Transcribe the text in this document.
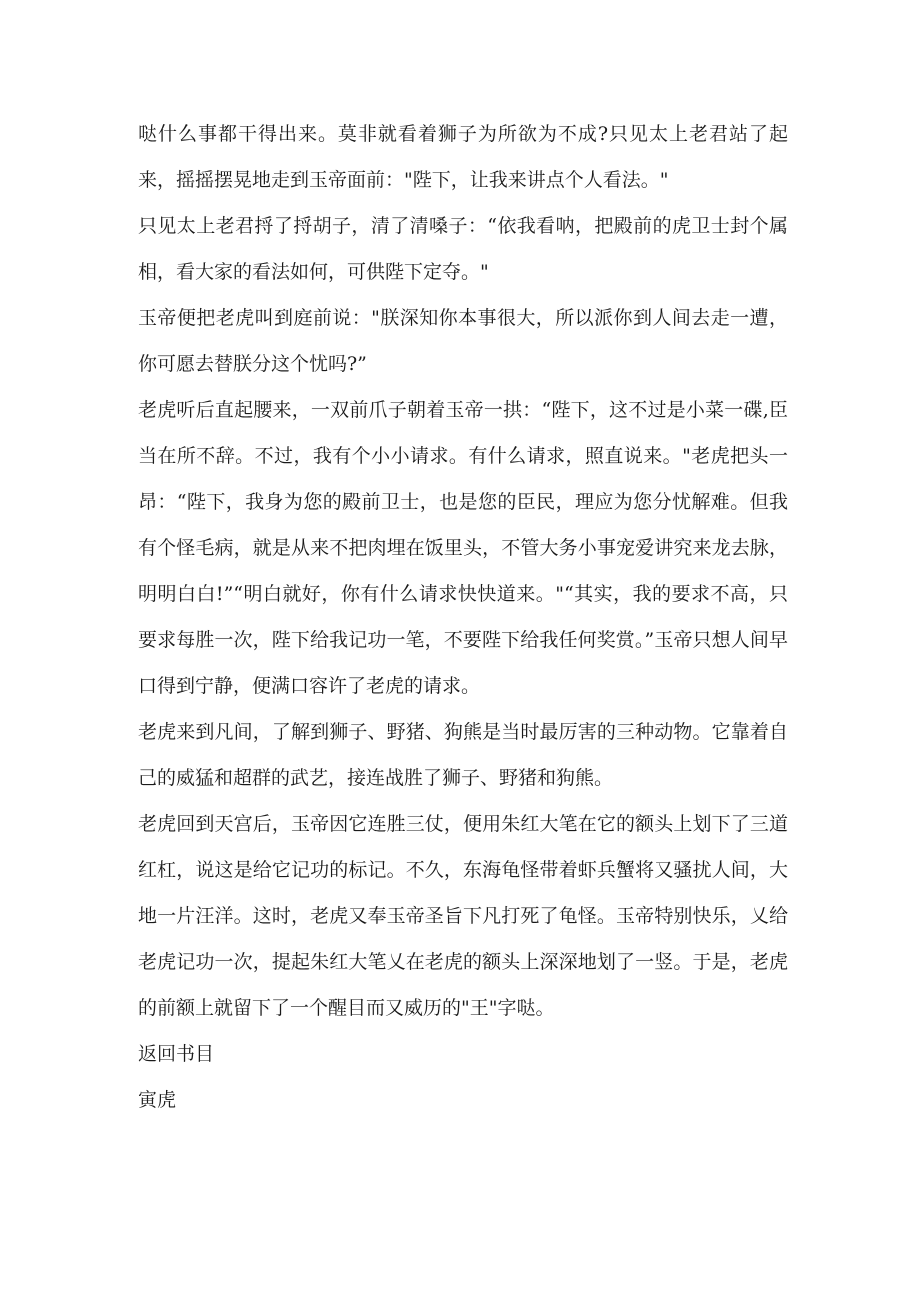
哒什么事都干得出来。莫非就看着狮子为所欲为不成?只见太上老君站了起来，摇摇摆晃地走到玉帝面前："陛下，让我来讲点个人看法。"

只见太上老君捋了捋胡子，清了清嗓子：“依我看呐，把殿前的虎卫士封个属相，看大家的看法如何，可供陛下定夺。"

玉帝便把老虎叫到庭前说："朕深知你本事很大，所以派你到人间去走一遭，你可愿去替朕分这个忧吗?”

老虎听后直起腰来，一双前爪子朝着玉帝一拱：“陛下，这不过是小菜一碟,臣当在所不辞。不过，我有个小小请求。有什么请求，照直说来。"老虎把头一昂：“陛下，我身为您的殿前卫士，也是您的臣民，理应为您分忧解难。但我有个怪毛病，就是从来不把肉埋在饭里头，不管大务小事宠爱讲究来龙去脉，明明白白!”“明白就好，你有什么请求快快道来。"“其实，我的要求不高，只要求每胜一次，陛下给我记功一笔，不要陛下给我任何奖赏。”玉帝只想人间早口得到宁静，便满口容许了老虎的请求。

老虎来到凡间，了解到狮子、野猪、狗熊是当时最厉害的三种动物。它靠着自己的威猛和超群的武艺，接连战胜了狮子、野猪和狗熊。

老虎回到天宫后，玉帝因它连胜三仗，便用朱红大笔在它的额头上划下了三道红杠，说这是给它记功的标记。不久，东海龟怪带着虾兵蟹将又骚扰人间，大地一片汪洋。这时，老虎又奉玉帝圣旨下凡打死了龟怪。玉帝特别快乐，乂给老虎记功一次，提起朱红大笔乂在老虎的额头上深深地划了一竖。于是，老虎的前额上就留下了一个醒目而又威历的"王"字哒。

返回书目

寅虎
